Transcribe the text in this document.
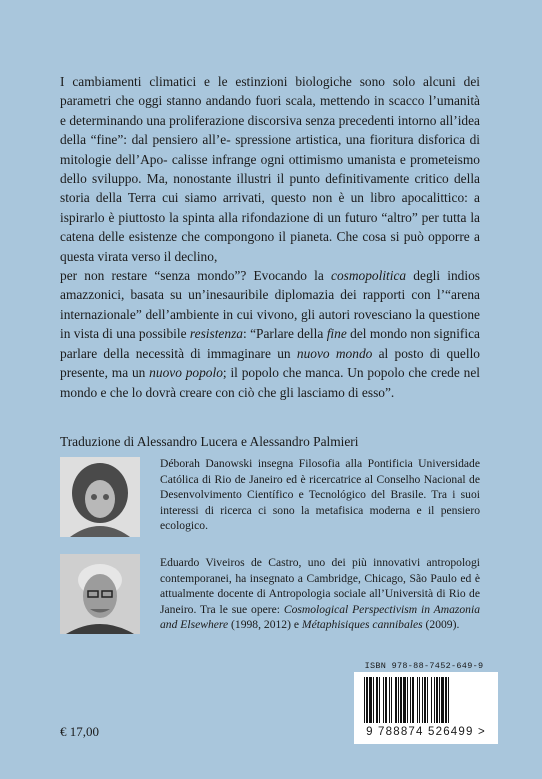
I cambiamenti climatici e le estinzioni biologiche sono solo alcuni dei parametri che oggi stanno andando fuori scala, mettendo in scacco l’umanità e determinando una proliferazione discorsiva senza precedenti intorno all’idea della “fine”: dal pensiero all’e- spressione artistica, una fioritura disforica di mitologie dell’Apo- calisse infrange ogni ottimismo umanista e prometeismo dello sviluppo. Ma, nonostante illustri il punto definitivamente critico della storia della Terra cui siamo arrivati, questo non è un libro apocalittico: a ispirarlo è piuttosto la spinta alla rifondazione di un futuro “altro” per tutta la catena delle esistenze che compongono il pianeta. Che cosa si può opporre a questa virata verso il declino,

per non restare “senza mondo”? Evocando la cosmopolitica degli indios amazzonici, basata su un’inesauribile diplomazia dei rapporti con l’“arena internazionale” dell’ambiente in cui vivono, gli autori rovesciano la questione in vista di una possibile resistenza: “Parlare della fine del mondo non significa parlare della necessità di immaginare un nuovo mondo al posto di quello presente, ma un nuovo popolo; il popolo che manca. Un popolo che crede nel mondo e che lo dovrà creare con ciò che gli lasciamo di esso”.

Traduzione di Alessandro Lucera e Alessandro Palmieri

Déborah Danowski insegna Filosofia alla Pontificia Universidade Católica di Rio de Janeiro ed è ricercatrice al Conselho Nacional de Desenvolvimento Científico e Tecnológico del Brasile. Tra i suoi interessi di ricerca ci sono la metafisica moderna e il pensiero ecologico.

Eduardo Viveiros de Castro, uno dei più innovativi antropologi contemporanei, ha insegnato a Cambridge, Chicago, São Paulo ed è attualmente docente di Antropologia sociale all’Università di Rio de Janeiro. Tra le sue opere: Cosmological Perspectivism in Amazonia and Elsewhere (1998, 2012) e Métaphisiques cannibales (2009).

ISBN 978-88-7452-649-9
9 788874 526499 >
€ 17,00
